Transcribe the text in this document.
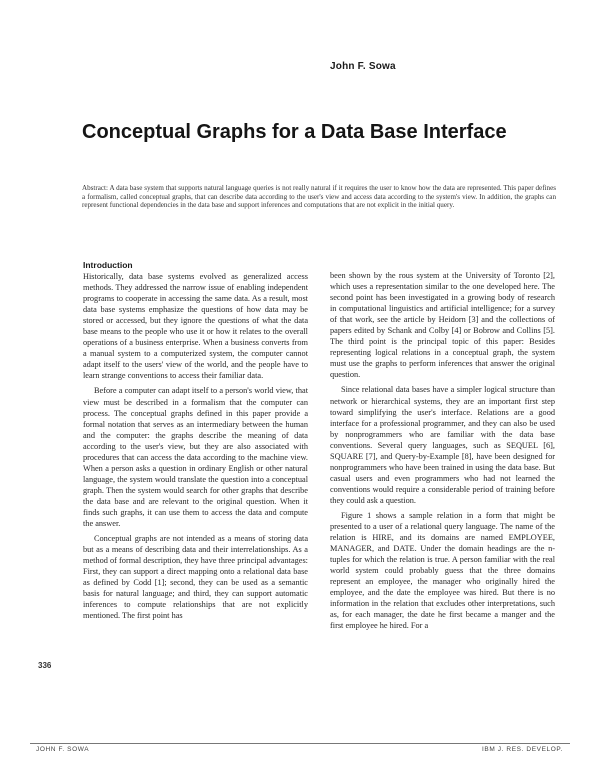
John F. Sowa
Conceptual Graphs for a Data Base Interface
Abstract: A data base system that supports natural language queries is not really natural if it requires the user to know how the data are represented. This paper defines a formalism, called conceptual graphs, that can describe data according to the user's view and access data according to the system's view. In addition, the graphs can represent functional dependencies in the data base and support inferences and computations that are not explicit in the initial query.
Introduction

Historically, data base systems evolved as generalized access methods. They addressed the narrow issue of enabling independent programs to cooperate in accessing the same data. As a result, most data base systems emphasize the questions of how data may be stored or accessed, but they ignore the questions of what the data base means to the people who use it or how it relates to the overall operations of a business enterprise. When a business converts from a manual system to a computerized system, the computer cannot adapt itself to the users' view of the world, and the people have to learn strange conventions to access their familiar data.

Before a computer can adapt itself to a person's world view, that view must be described in a formalism that the computer can process. The conceptual graphs defined in this paper provide a formal notation that serves as an intermediary between the human and the computer: the graphs describe the meaning of data according to the user's view, but they are also associated with procedures that can access the data according to the machine view. When a person asks a question in ordinary English or other natural language, the system would translate the question into a conceptual graph. Then the system would search for other graphs that describe the data base and are relevant to the original question. When it finds such graphs, it can use them to access the data and compute the answer.

Conceptual graphs are not intended as a means of storing data but as a means of describing data and their interrelationships. As a method of formal description, they have three principal advantages: First, they can support a direct mapping onto a relational data base as defined by Codd [1]; second, they can be used as a semantic basis for natural language; and third, they can support automatic inferences to compute relationships that are not explicitly mentioned. The first point has

been shown by the rous system at the University of Toronto [2], which uses a representation similar to the one developed here. The second point has been investigated in a growing body of research in computational linguistics and artificial intelligence; for a survey of that work, see the article by Heidorn [3] and the collections of papers edited by Schank and Colby [4] or Bobrow and Collins [5]. The third point is the principal topic of this paper: Besides representing logical relations in a conceptual graph, the system must use the graphs to perform inferences that answer the original question.

Since relational data bases have a simpler logical structure than network or hierarchical systems, they are an important first step toward simplifying the user's interface. Relations are a good interface for a professional programmer, and they can also be used by nonprogrammers who are familiar with the data base conventions. Several query languages, such as SEQUEL [6], SQUARE [7], and Query-by-Example [8], have been designed for nonprogrammers who have been trained in using the data base. But casual users and even programmers who had not learned the conventions would require a considerable period of training before they could ask a question.

Figure 1 shows a sample relation in a form that might be presented to a user of a relational query language. The name of the relation is HIRE, and its domains are named EMPLOYEE, MANAGER, and DATE. Under the domain headings are the n-tuples for which the relation is true. A person familiar with the real world system could probably guess that the three domains represent an employee, the manager who originally hired the employee, and the date the employee was hired. But there is no information in the relation that excludes other interpretations, such as, for each manager, the date he first became a manger and the first employee he hired. For a

336
JOHN F. SOWA	IBM J. RES. DEVELOP.
